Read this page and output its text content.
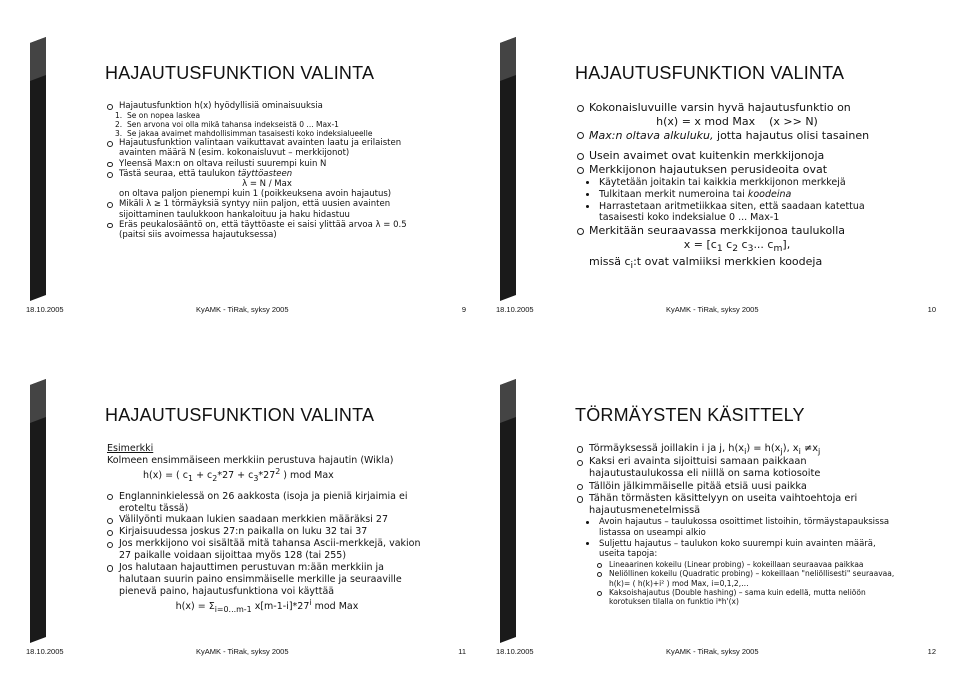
HAJAUTUSFUNKTION VALINTA
Hajautusfunktion h(x) hyödyllisiä ominaisuuksia
1. Se on nopea laskea
2. Sen arvona voi olla mikä tahansa indekseistä 0 ... Max-1
3. Se jakaa avaimet mahdollisimman tasaisesti koko indeksialueelle
Hajautusfunktion valintaan vaikuttavat avainten laatu ja erilaisten avainten määrä N (esim. kokonaisluvut – merkkijonot)
Yleensä Max:n on oltava reilusti suurempi kuin N
Tästä seuraa, että taulukon täyttöasteen
λ = N / Max
on oltava paljon pienempi kuin 1 (poikkeuksena avoin hajautus)
Mikäli λ ≥ 1 törmäyksiä syntyy niin paljon, että uusien avainten sijoittaminen taulukkoon hankaloituu ja haku hidastuu
Eräs peukalosääntö on, että täyttöaste ei saisi ylittää arvoa λ = 0.5 (paitsi siis avoimessa hajautuksessa)
18.10.2005	KyAMK - TiRak, syksy 2005	9
HAJAUTUSFUNKTION VALINTA
Kokonaisluvuille varsin hyvä hajautusfunktio on
h(x) = x mod Max    (x >> N)
Max:n oltava alkuluku, jotta hajautus olisi tasainen
Usein avaimet ovat kuitenkin merkkijonoja
Merkkijonon hajautuksen perusideoita ovat
Käytetään joitakin tai kaikkia merkkijonon merkkejä
Tulkitaan merkit numeroina tai koodeina
Harrastetaan aritmetiikkaa siten, että saadaan katettua tasaisesti koko indeksialue 0 ... Max-1
Merkitään seuraavassa merkkijonoa taulukolla
$x = [c_1$ $c_2$ $c_3$... $c_m$],
missä $c_i:t$ ovat valmiiksi merkkien koodeja
18.10.2005	KyAMK - TiRak, syksy 2005	10
HAJAUTUSFUNKTION VALINTA
Esimerkki
Kolmeen ensimmäiseen merkkiin perustuva hajautin (Wikla)
h(x) = ( $c_1 + c_2*27 + c_3*27^2$ ) mod Max
Englanninkielessä on 26 aakkosta (isoja ja pieniä kirjaimia ei eroteltu tässä)
Välilyönti mukaan lukien saadaan merkkien määräksi 27
Kirjaisuudessa joskus 27:n paikalla on luku 32 tai 37
Jos merkkijono voi sisältää mitä tahansa Ascii-merkkejä, vakion 27 paikalle voidaan sijoittaa myös 128 (tai 255)
Jos halutaan hajauttimen perustuvan m:ään merkkiin ja halutaan suurin paino ensimmäiselle merkille ja seuraaville pienevä paino, hajautusfunktiona voi käyttää
$h(x) = \Sigma_{i=0...m-1}$ x[m-1-i]*27$^i$ mod Max
18.10.2005	KyAMK - TiRak, syksy 2005	11
TÖRMÄYSTEN KÄSITTELY
Törmäyksessä joillakin i ja j, $h(x_i) = h(x_j)$, $x_i \ne x_j$
Kaksi eri avainta sijoittuisi samaan paikkaan hajautustaulukossa eli niillä on sama kotiosoite
Tällöin jälkimmäiselle pitää etsiä uusi paikka
Tähän törmästen käsittelyyn on useita vaihtoehtoja eri hajautusmenetelmissä
Avoin hajautus – taulukossa osoittimet listoihin, törmäystapauksissa listassa on useampi alkio
Suljettu hajautus – taulukon koko suurempi kuin avainten määrä, useita tapoja:
Lineaarinen kokeilu (Linear probing) – kokeillaan seuraavaa paikkaa
Neliöllinen kokeilu (Quadratic probing) – kokeillaan "neliöllisesti" seuraavaa, h(k)= ( h(k)+i² ) mod Max, i=0,1,2,…
Kaksoishajautus (Double hashing) – sama kuin edellä, mutta neliöön korotuksen tilalla on funktio i*h'(x)
18.10.2005	KyAMK - TiRak, syksy 2005	12
